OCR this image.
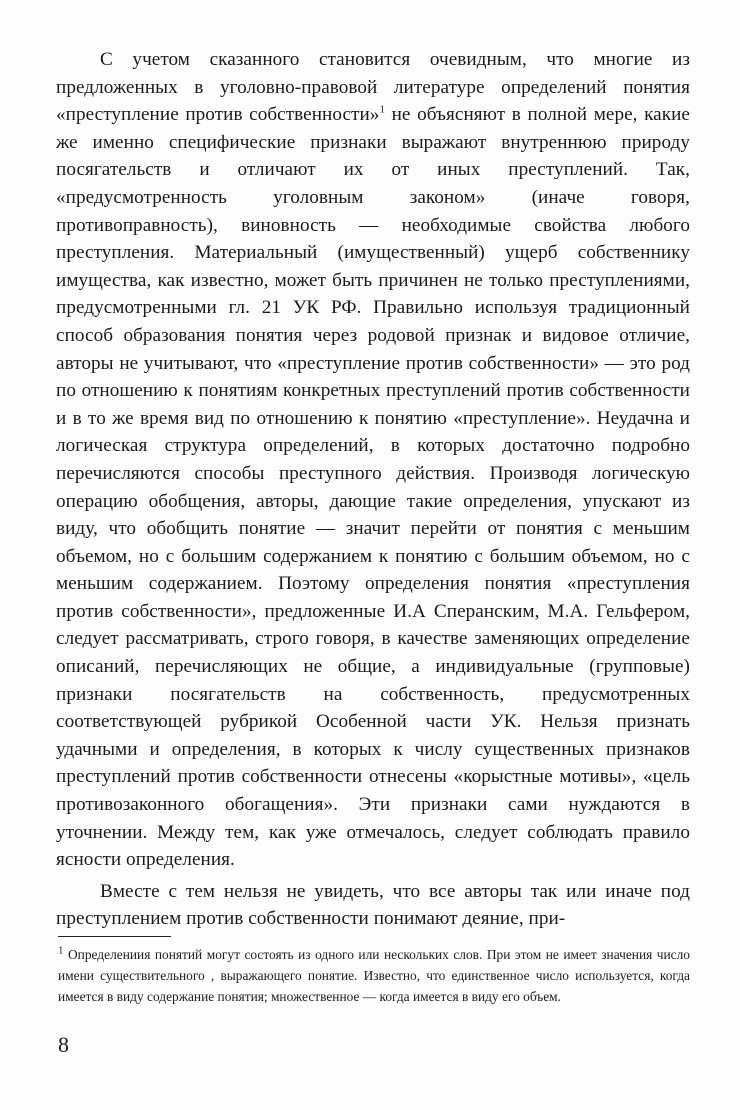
С учетом сказанного становится очевидным, что многие из предложенных в уголовно-правовой литературе определений понятия «преступление против собственности»$^1$ не объясняют в полной мере, какие же именно специфические признаки выражают внутреннюю природу посягательств и отличают их от иных преступлений. Так, «предусмотренность уголовным законом» (иначе говоря, противоправность), виновность — необходимые свойства любого преступления. Материальный (имущественный) ущерб собственнику имущества, как известно, может быть причинен не только преступлениями, предусмотренными гл. 21 УК РФ. Правильно используя традиционный способ образования понятия через родовой признак и видовое отличие, авторы не учитывают, что «преступление против собственности» — это род по отношению к понятиям конкретных преступлений против собственности и в то же время вид по отношению к понятию «преступление». Неудачна и логическая структура определений, в которых достаточно подробно перечисляются способы преступного действия. Производя логическую операцию обобщения, авторы, дающие такие определения, упускают из виду, что обобщить понятие — значит перейти от понятия с меньшим объемом, но с большим содержанием к понятию с большим объемом, но с меньшим содержанием. Поэтому определения понятия «преступления против собственности», предложенные И.А Сперанским, М.А. Гельфером, следует рассматривать, строго говоря, в качестве заменяющих определение описаний, перечисляющих не общие, а индивидуальные (групповые) признаки посягательств на собственность, предусмотренных соответствующей рубрикой Особенной части УК. Нельзя признать удачными и определения, в которых к числу существенных признаков преступлений против собственности отнесены «корыстные мотивы», «цель противозаконного обогащения». Эти признаки сами нуждаются в уточнении. Между тем, как уже отмечалось, следует соблюдать правило ясности определения.

Вместе с тем нельзя не увидеть, что все авторы так или иначе под преступлением против собственности понимают деяние, при-

$^1$ Определениия понятий могут состоять из одного или нескольких слов. При этом не имеет значения число имени существительного , выражающего понятие. Известно, что единственное число используется, когда имеется в виду содержание понятия; множественное — когда имеется в виду его объем.

8
